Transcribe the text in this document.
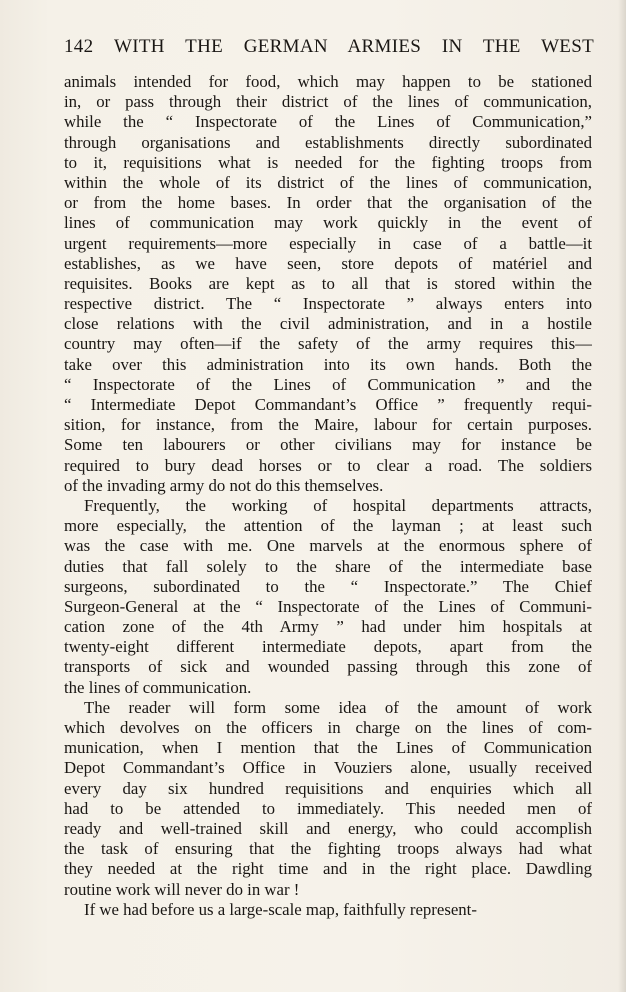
142 WITH THE GERMAN ARMIES IN THE WEST
animals intended for food, which may happen to be stationed
in, or pass through their district of the lines of communication,
while the “ Inspectorate of the Lines of Communication,”
through organisations and establishments directly subordinated
to it, requisitions what is needed for the fighting troops from
within the whole of its district of the lines of communication,
or from the home bases. In order that the organisation of the
lines of communication may work quickly in the event of
urgent requirements—more especially in case of a battle—it
establishes, as we have seen, store depots of matériel and
requisites. Books are kept as to all that is stored within the
respective district. The “ Inspectorate ” always enters into
close relations with the civil administration, and in a hostile
country may often—if the safety of the army requires this—
take over this administration into its own hands. Both the
“ Inspectorate of the Lines of Communication ” and the
“ Intermediate Depot Commandant’s Office ” frequently requi-
sition, for instance, from the Maire, labour for certain purposes.
Some ten labourers or other civilians may for instance be
required to bury dead horses or to clear a road. The soldiers
of the invading army do not do this themselves.
Frequently, the working of hospital departments attracts,
more especially, the attention of the layman ; at least such
was the case with me. One marvels at the enormous sphere of
duties that fall solely to the share of the intermediate base
surgeons, subordinated to the “ Inspectorate.” The Chief
Surgeon-General at the “ Inspectorate of the Lines of Communi-
cation zone of the 4th Army ” had under him hospitals at
twenty-eight different intermediate depots, apart from the
transports of sick and wounded passing through this zone of
the lines of communication.
The reader will form some idea of the amount of work
which devolves on the officers in charge on the lines of com-
munication, when I mention that the Lines of Communication
Depot Commandant’s Office in Vouziers alone, usually received
every day six hundred requisitions and enquiries which all
had to be attended to immediately. This needed men of
ready and well-trained skill and energy, who could accomplish
the task of ensuring that the fighting troops always had what
they needed at the right time and in the right place. Dawdling
routine work will never do in war !
If we had before us a large-scale map, faithfully represent-
